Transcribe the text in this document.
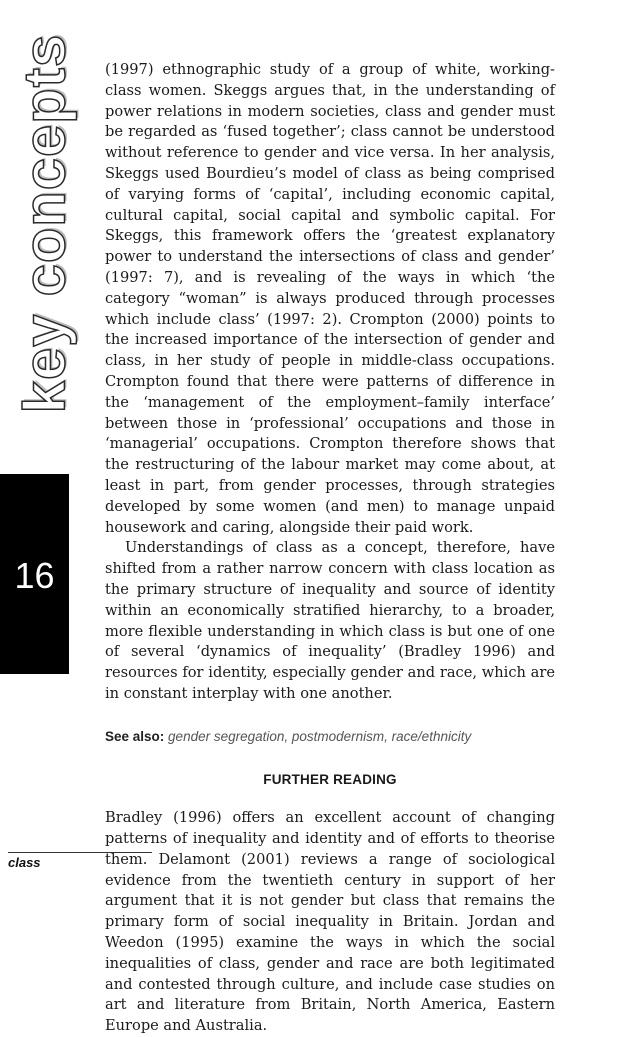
key concepts
16

(1997) ethnographic study of a group of white, working-class women. Skeggs argues that, in the understanding of power relations in modern societies, class and gender must be regarded as ‘fused together’; class cannot be understood without reference to gender and vice versa. In her analysis, Skeggs used Bourdieu’s model of class as being comprised of varying forms of ‘capital’, including economic capital, cultural capital, social capital and symbolic capital. For Skeggs, this framework offers the ‘greatest explanatory power to understand the intersections of class and gender’ (1997: 7), and is revealing of the ways in which ‘the category “woman” is always produced through processes which include class’ (1997: 2). Crompton (2000) points to the increased importance of the intersection of gender and class, in her study of people in middle-class occupations. Crompton found that there were patterns of difference in the ‘management of the employment–family interface’ between those in ‘professional’ occupations and those in ‘managerial’ occupations. Crompton therefore shows that the restructuring of the labour market may come about, at least in part, from gender processes, through strategies developed by some women (and men) to manage unpaid housework and caring, alongside their paid work.

Understandings of class as a concept, therefore, have shifted from a rather narrow concern with class location as the primary structure of inequality and source of identity within an economically stratified hierarchy, to a broader, more flexible understanding in which class is but one of one of several ‘dynamics of inequality’ (Bradley 1996) and resources for identity, especially gender and race, which are in constant interplay with one another.

See also: gender segregation, postmodernism, race/ethnicity

FURTHER READING

Bradley (1996) offers an excellent account of changing patterns of inequality and identity and of efforts to theorise them. Delamont (2001) reviews a range of sociological evidence from the twentieth century in support of her argument that it is not gender but class that remains the primary form of social inequality in Britain. Jordan and Weedon (1995) examine the ways in which the social inequalities of class, gender and race are both legitimated and contested through culture, and include case studies on art and literature from Britain, North America, Eastern Europe and Australia.

class
